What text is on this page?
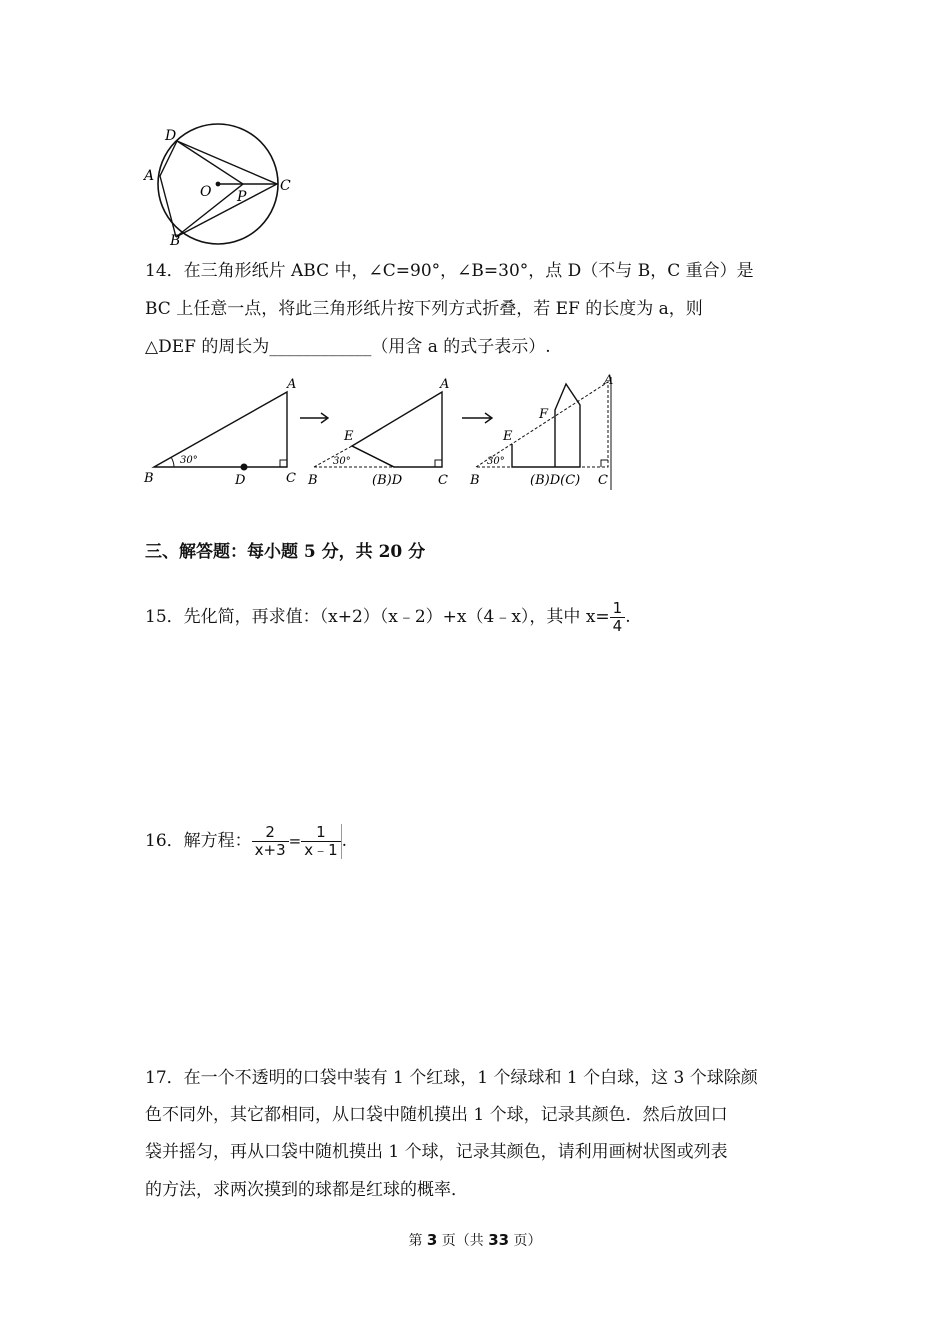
D
A
O P
C
B
14．在三角形纸片 ABC 中，∠C=90°，∠B=30°，点 D（不与 B，C 重合）是
BC 上任意一点，将此三角形纸片按下列方式折叠，若 EF 的长度为 a，则
△DEF 的周长为____________（用含 a 的式子表示）.
A
B	C
D
30°
A
E
B	(B)D	C
30°
A
F
E
B	(B)D(C) C
30°
三、解答题：每小题 5 分，共 20 分
15．先化简，再求值：（x+2）（x﹣2）+x（4﹣x），其中 $x= \frac{1}{4}$ .
16．解方程： $\frac{2}{x+3} = \frac{1}{x﹣1}$ .
17．在一个不透明的口袋中装有 1 个红球，1 个绿球和 1 个白球，这 3 个球除颜
色不同外，其它都相同，从口袋中随机摸出 1 个球，记录其颜色．然后放回口
袋并摇匀，再从口袋中随机摸出 1 个球，记录其颜色，请利用画树状图或列表
的方法，求两次摸到的球都是红球的概率．
第 3 页（共 33 页）
